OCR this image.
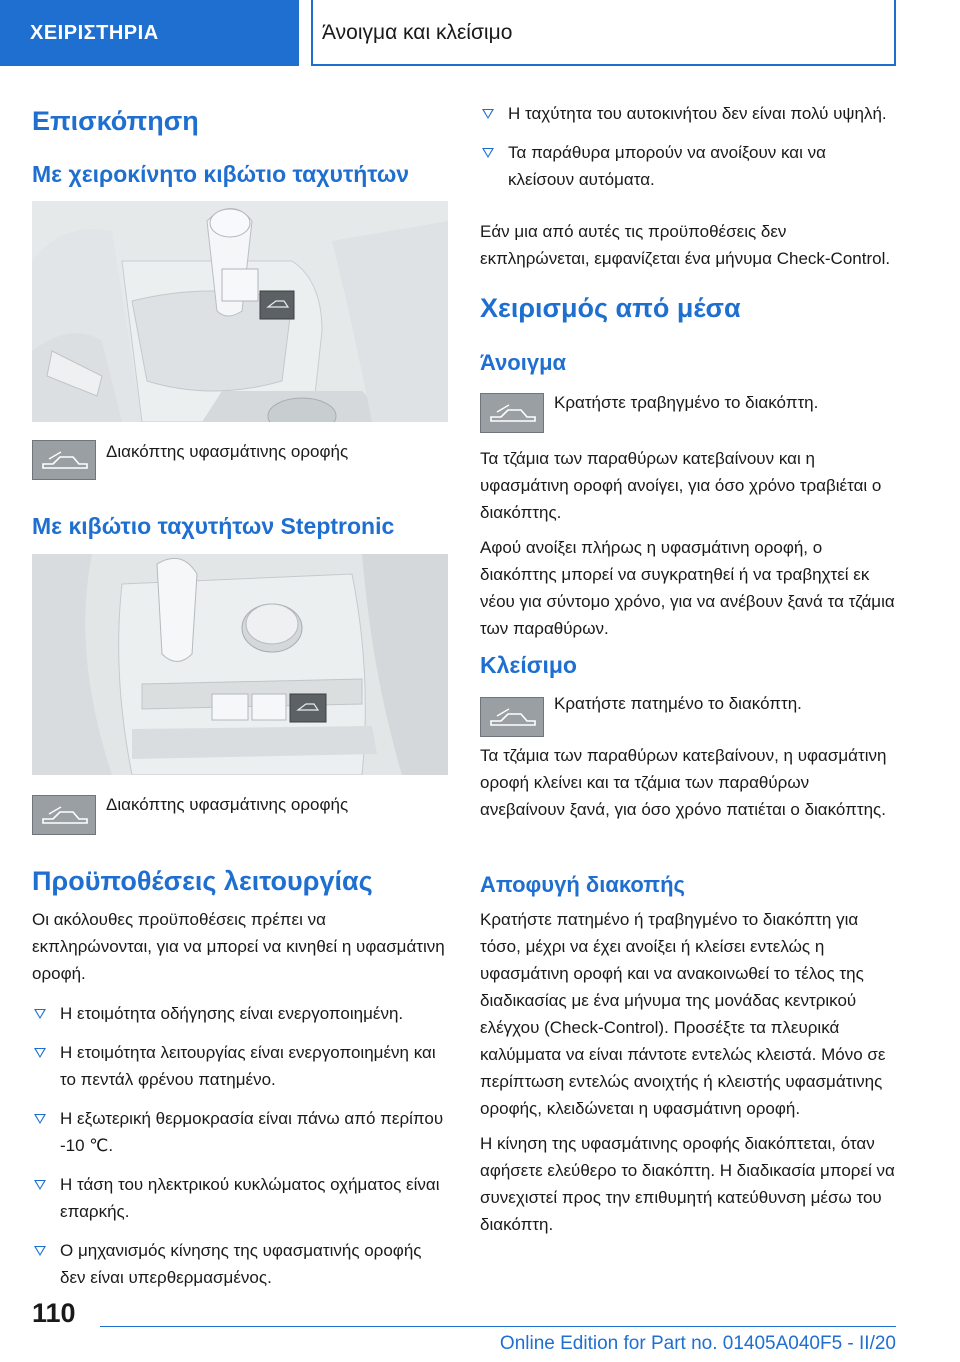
ΧΕΙΡΙΣΤΗΡΙΑ	Άνοιγμα και κλείσιμο
Επισκόπηση
Με χειροκίνητο κιβώτιο ταχυτήτων
Διακόπτης υφασμάτινης οροφής
Με κιβώτιο ταχυτήτων Steptronic
Διακόπτης υφασμάτινης οροφής
Προϋποθέσεις λειτουργίας

Οι ακόλουθες προϋποθέσεις πρέπει να εκπληρώνονται, για να μπορεί να κινηθεί η υφασμάτινη οροφή.

Η ετοιμότητα οδήγησης είναι ενεργοποιημένη.
Η ετοιμότητα λειτουργίας είναι ενεργοποιημένη και το πεντάλ φρένου πατημένο.
Η εξωτερική θερμοκρασία είναι πάνω από περίπου -10 ℃.
Η τάση του ηλεκτρικού κυκλώματος οχήματος είναι επαρκής.
Ο μηχανισμός κίνησης της υφασματινής οροφής δεν είναι υπερθερμασμένος.
Η ταχύτητα του αυτοκινήτου δεν είναι πολύ υψηλή.
Τα παράθυρα μπορούν να ανοίξουν και να κλείσουν αυτόματα.

Εάν μια από αυτές τις προϋποθέσεις δεν εκπληρώνεται, εμφανίζεται ένα μήνυμα Check-Control.

Χειρισμός από μέσα
Άνοιγμα
Κρατήστε τραβηγμένο το διακόπτη.

Τα τζάμια των παραθύρων κατεβαίνουν και η υφασμάτινη οροφή ανοίγει, για όσο χρόνο τραβιέται ο διακόπτης.

Αφού ανοίξει πλήρως η υφασμάτινη οροφή, ο διακόπτης μπορεί να συγκρατηθεί ή να τραβηχτεί εκ νέου για σύντομο χρόνο, για να ανέβουν ξανά τα τζάμια των παραθύρων.

Κλείσιμο
Κρατήστε πατημένο το διακόπτη.

Τα τζάμια των παραθύρων κατεβαίνουν, η υφασμάτινη οροφή κλείνει και τα τζάμια των παραθύρων ανεβαίνουν ξανά, για όσο χρόνο πατιέται ο διακόπτης.

Αποφυγή διακοπής

Κρατήστε πατημένο ή τραβηγμένο το διακόπτη για τόσο, μέχρι να έχει ανοίξει ή κλείσει εντελώς η υφασμάτινη οροφή και να ανακοινωθεί το τέλος της διαδικασίας με ένα μήνυμα της μονάδας κεντρικού ελέγχου (Check-Control). Προσέξτε τα πλευρικά καλύμματα να είναι πάντοτε εντελώς κλειστά. Μόνο σε περίπτωση εντελώς ανοιχτής ή κλειστής υφασμάτινης οροφής, κλειδώνεται η υφασμάτινη οροφή.

Η κίνηση της υφασμάτινης οροφής διακόπτεται, όταν αφήσετε ελεύθερο το διακόπτη. Η διαδικασία μπορεί να συνεχιστεί προς την επιθυμητή κατεύθυνση μέσω του διακόπτη.

110
Online Edition for Part no. 01405A040F5 - II/20
